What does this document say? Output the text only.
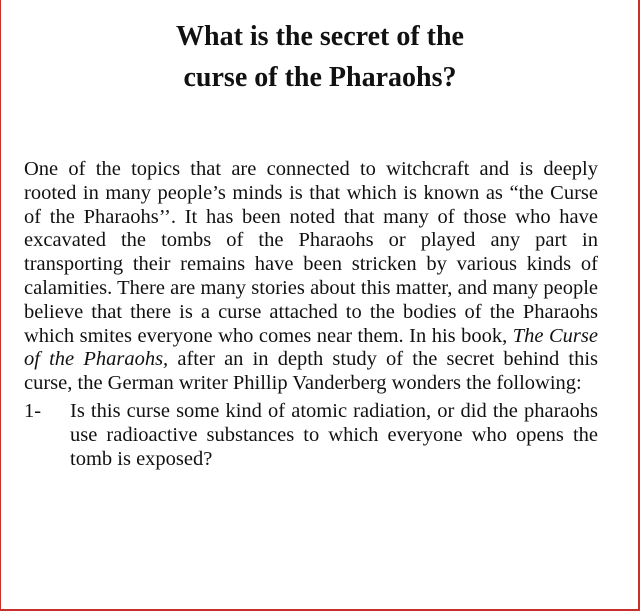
What is the secret of the
curse of the Pharaohs?

One of the topics that are connected to witchcraft and is deeply rooted in many people’s minds is that which is known as “the Curse of the Pharaohs’’. It has been noted that many of those who have excavated the tombs of the Pharaohs or played any part in transporting their remains have been stricken by various kinds of calamities. There are many stories about this matter, and many people believe that there is a curse attached to the bodies of the Pharaohs which smites everyone who comes near them. In his book, The Curse of the Pharaohs, after an in depth study of the secret behind this curse, the German writer Phillip Vanderberg wonders the following:

1-	Is this curse some kind of atomic radiation, or did the pharaohs use radioactive substances to which everyone who opens the tomb is exposed?
